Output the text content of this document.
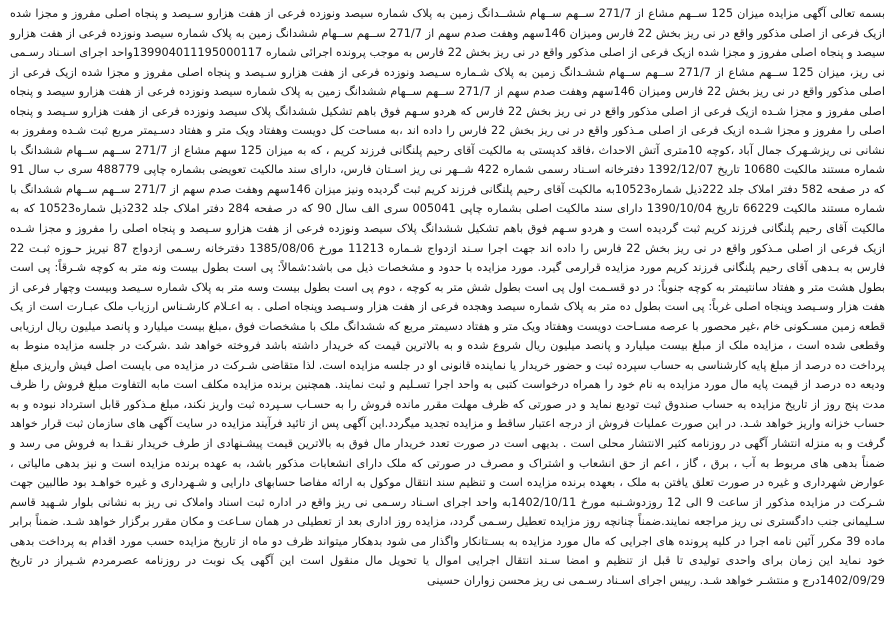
بسمه تعالی آگهی مزایده میزان 125 ســهم مشاع از 271/7 ســهم ســهام ششــدانگ زمین به پلاک شماره سیصد ونوزده فرعی از هفت هزارو سـیصد و پنجاه اصلی مفروز و مجزا شده ازیک فرعی از اصلی مذکور واقع در نی ریز بخش 22 فارس ومیزان 146سهم وهفت صدم سهم از 271/7 ســهم ســهام ششدانگ زمین به پلاک شماره سیصد ونوزده فرعی از هفت هزارو سیصد و پنجاه اصلی مفروز و مجزا شده ازیک فرعی از اصلی مذکور واقع در نی ریز بخش 22 فارس به موجب پرونده اجرائی شماره 139904011195000117واحد اجرای اسـناد رسـمی نی ریز، میزان 125 ســهم مشاع از 271/7 ســهم ســهام ششـدانگ زمین به پلاک شـماره سـیصد ونوزده فرعی از هفت هزارو سـیصد و پنجاه اصلی مفروز و مجزا شده ازیک فرعی از اصلی مذکور واقع در نی ریز بخش 22 فارس ومیزان 146سهم وهفت صدم سهم از 271/7 ســهم ســهام ششدانگ زمین به پلاک شماره سیصد ونوزده فرعی از هفت هزارو سیصد و پنجاه اصلی مفروز و مجزا شـده ازیک فرعی از اصلی مذکور واقع در نی ریز بخش 22 فارس که هردو سـهم فوق باهم تشکیل ششدانگ پلاک سیصد ونوزده فرعی از هفت هزارو سـیصد و پنجاه اصلی را مفروز و مجزا شـده ازیک فرعی از اصلی مـذکور واقع در نی ریز بخش 22 فارس را داده اند ،به مساحت کل دویست وهفتاد ویک متر و هفتاد دسـیمتر مربع ثبت شـده ومفروز به نشانی نی ریزشـهرک جمال آباد ،کوچه 10متری آتش الاحداث ،فاقد کدپستی به مالکیت آقای رحیم پلنگانی فرزند کریم ، که به میزان 125 سهم مشاع از 271/7 ســهم ســهام ششدانگ با شماره مستند مالکیت 10680 تاریخ 1392/12/07 دفترخانه اسـناد رسمی شماره 422 شــهر نی ریز اسـتان فارس، دارای سند مالکیت تعویضی بشماره چاپی 488779 سری ب سال 91 که در صفحه 582 دفتر املاک جلد 222ذیل شماره10523به مالکیت آقای رحیم پلنگانی فرزند کریم ثبت گردیده ونیز میزان 146سهم وهفت صدم سهم از 271/7 ســهم ســهام ششدانگ با شماره مستند مالکیت 66229 تاریخ 1390/10/04 دارای سند مالکیت اصلی بشماره چاپی 005041 سری الف سال 90 که در صفحه 284 دفتر املاک جلد 232ذیل شماره10523 که به مالکیت آقای رحیم پلنگانی فرزند کریم ثبت گردیده است و هردو سـهم فوق باهم تشکیل ششدانگ پلاک سیصد ونوزده فرعی از هفت هزارو سـیصد و پنجاه اصلی را مفروز و مجزا شـده ازیک فرعی از اصلی مـذکور واقع در نی ریز بخش 22 فارس را داده اند جهت اجرا سـند ازدواج شـماره 11213 مورخ 1385/08/06 دفترخانه رسـمی ازدواج 87 نیریز حـوزه ثبـت 22 فارس به بـدهی آقای رحیم پلنگانی فرزند کریم مورد مزایده قرارمی گیرد. مورد مزایده با حدود و مشخصات ذیل می باشد:شمالاً: پی است بطول بیست ونه متر به کوچه شـرقاً: پی است بطول هشت متر و هفتاد سانتیمتر به کوچه جنوباً: در دو قسـمت اول پی است بطول شش متر به کوچه ، دوم پی است بطول بیست وسه متر به پلاک شماره سـیصد وبیست وچهار فرعی از هفت هزار وسـیصد وپنجاه اصلی غرباً: پی است بطول ده متر به پلاک شماره سیصد وهجده فرعی از هفت هزار وسـیصد وپنجاه اصلی . به اعـلام کارشـناس ارزیاب ملک عبـارت است از یک قطعه زمین مسـکونی خام ،غیر محصور با عرصه مسـاحت دویست وهفتاد ویک متر و هفتاد دسیمتر مربع که ششدانگ ملک با مشخصات فوق ،مبلغ بیست میلیارد و پانصد میلیون ریال ارزیابی وقطعی شده است ، مزایده ملک از مبلغ بیست میلیارد و پانصد میلیون ریال شروع شده و به بالاترین قیمت که خریدار داشته باشد فروخته خواهد شد .شرکت در جلسه مزایده منوط به پرداخت ده درصد از مبلغ پایه کارشناسی به حساب سپرده ثبت و حضور خریدار یا نماینده قانونی او در جلسه مزایده است. لذا متقاضی شـرکت در مزایده می بایست اصل فیش واریزی مبلغ ودیعه ده درصد از قیمت پایه مال مورد مزایده به نام خود را همراه درخواست کتبی به واحد اجرا تسـلیم و ثبت نمایند. همچنین برنده مزایده مکلف است مابه التفاوت مبلغ فروش را ظرف مدت پنج روز از تاریخ مزایده به حساب صندوق ثبت تودیع نماید و در صورتی که ظرف مهلت مقرر مانده فروش را به حسـاب سـپرده ثبت واریز نکند، مبلغ مـذکور قابل استرداد نبوده و به حساب خزانه واریز خواهد شـد. در این صورت عملیات فروش از درجه اعتبار ساقط و مزایده تجدید میگردد.این آگهی پس از تائید فرآیند مزایده در سایت آگهی های سازمان ثبت قرار خواهد گرفت و به منزله انتشار آگهی در روزنامه کثیر الانتشار محلی است . بدیهی است در صورت تعدد خریدار مال فوق به بالاترین قیمت پیشـنهادی از طرف خریدار نقـدا به فروش می رسد و ضمناً بدهی های مربوط به آب ، برق ، گاز ، اعم از حق انشعاب و اشتراک و مصرف در صورتی که ملک دارای انشعابات مذکور باشد، به عهده برنده مزایده است و نیز بدهی مالیاتی ، عوارض شهرداری و غیره در صورت تعلق یافتن به ملک ، بعهده برنده مزایده است و تنظیم سند انتقال موکول به ارائه مفاصا حسابهای دارایی و شـهرداری و غیره خواهـد بود طالبین جهت شـرکت در مزایده مذکور از ساعت 9 الی 12 روزدوشـنبه مورخ 1402/10/11به واحد اجرای اسـناد رسـمی نی ریز واقع در اداره ثبت اسناد واملاک نی ریز به نشانی بلوار شـهید قاسم سـلیمانی جنب دادگستری نی ریز مراجعه نمایند.ضمناً چنانچه روز مزایده تعطیل رسـمی گردد، مزایده روز اداری بعد از تعطیلی در همان سـاعت و مکان مقرر برگزار خواهد شـد. ضمناً برابر ماده 39 مکرر آئین نامه اجرا در کلیه پرونده های اجرایی که مال مورد مزایده به بسـتانکار واگذار می شود بدهکار میتواند ظرف دو ماه از تاریخ مزایده حسب مورد اقدام به پرداخت بدهی خود نماید این زمان برای واحدی تولیدی تا قبل از تنظیم و امضا سـند انتقال اجرایی اموال یا تحویل مال منقول است این آگهی یک نوبت در روزنامه عصرمردم شـیراز در تاریخ 1402/09/29درج و منتشـر خواهد شـد. رییس اجرای اسـناد رسـمی نی ریز محسن زواران حسینی
